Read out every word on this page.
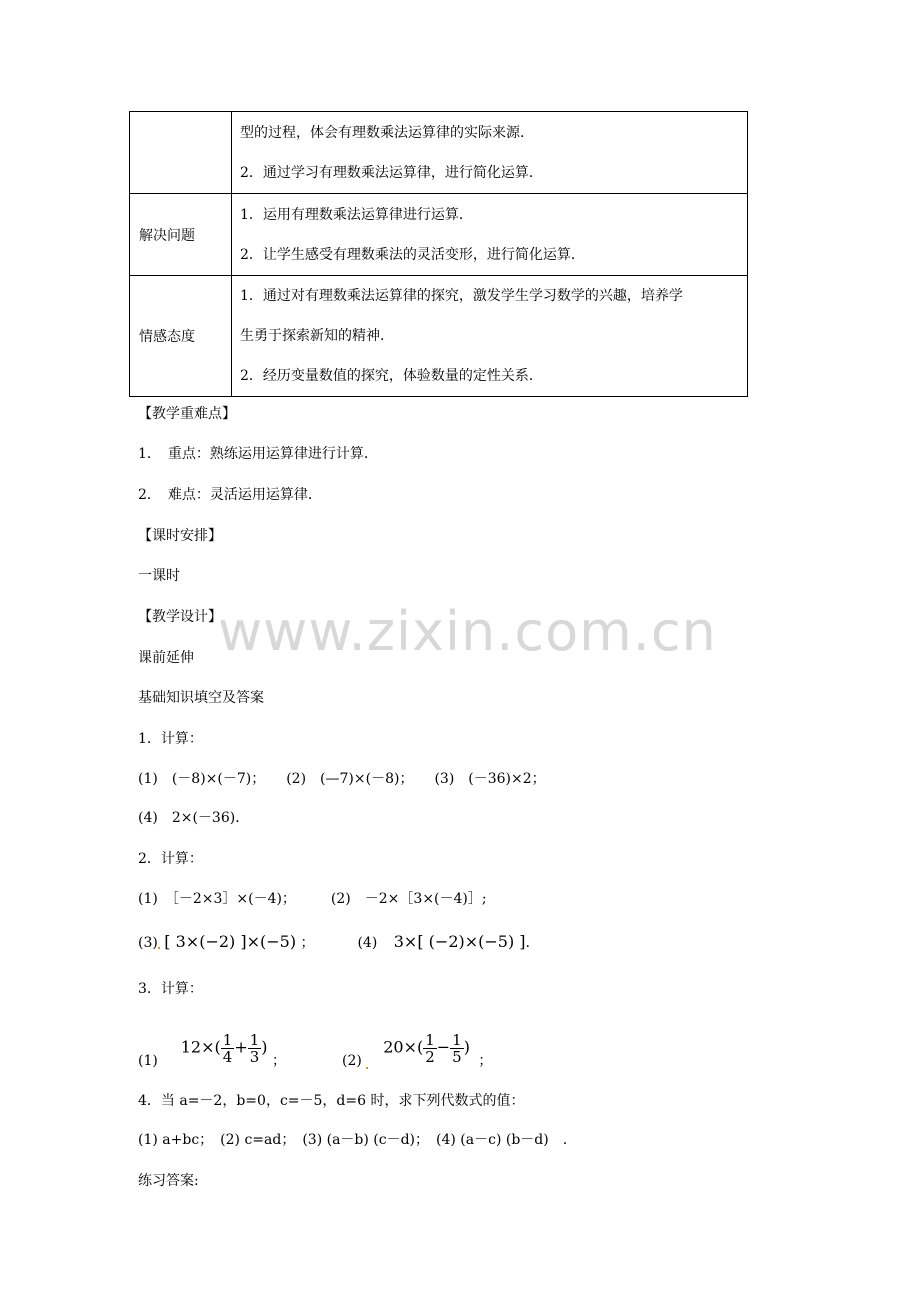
	型的过程，体会有理数乘法运算律的实际来源．
2．通过学习有理数乘法运算律，进行简化运算．

解决问题	1．运用有理数乘法运算律进行运算．
2．让学生感受有理数乘法的灵活变形，进行简化运算．

情感态度	1．通过对有理数乘法运算律的探究，激发学生学习数学的兴趣，培养学
生勇于探索新知的精神．
2．经历变量数值的探究，体验数量的定性关系．
【教学重难点】
1．　重点：熟练运用运算律进行计算．
2．　难点：灵活运用运算律．
【课时安排】
一课时
【教学设计】
课前延伸
基础知识填空及答案
1．计算：
(1)　(－8)×(－7)；　　(2)　(—7)×(－8)；　　(3)　(－36)×2；
(4)　2×(－36)．
2．计算：
(1)　［－2×3］×(－4)；　　　(2)　－2×［3×(－4)］;
(3) [ 3×(−2) ]×(−5) ；	(4) 3×[ (−2)×(−5) ].
3．计算：
(1)  $12\times( \frac{1}{4} + \frac{1}{3}$ ) ；	(2)   $20\times( \frac{1}{2} - \frac{1}{5}$ ) ；
4．当 a=－2，b=0，c=－5，d=6 时，求下列代数式的值：
(1) a+bc；　(2) c=ad；　(3) (a－b) (c－d)；　(4) (a－c) (b－d)　.
练习答案:
www.zixin.com.cn
